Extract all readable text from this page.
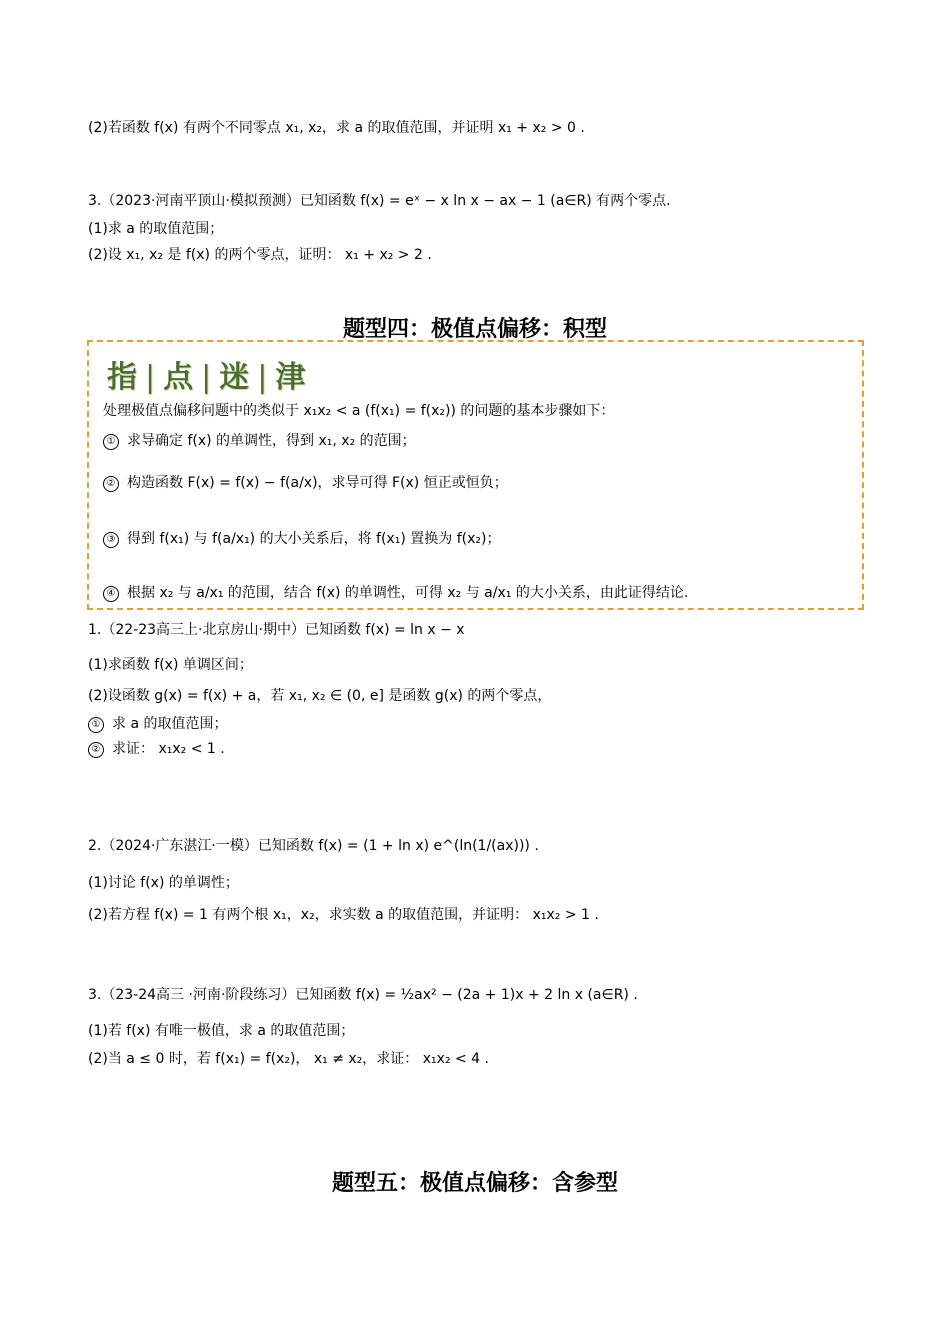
(2)若函数 f(x) 有两个不同零点 x₁, x₂，求 a 的取值范围，并证明 x₁ + x₂ > 0 .
3.（2023·河南平顶山·模拟预测）已知函数 f(x) = eˣ − x ln x − ax − 1 (a∈R) 有两个零点.
(1)求 a 的取值范围；
(2)设 x₁, x₂ 是 f(x) 的两个零点，证明： x₁ + x₂ > 2 .
题型四：极值点偏移：积型
指 | 点 | 迷 | 津
处理极值点偏移问题中的类似于 x₁x₂ < a (f(x₁) = f(x₂)) 的问题的基本步骤如下：
① 求导确定 f(x) 的单调性，得到 x₁, x₂ 的范围；
② 构造函数 F(x) = f(x) − f(a/x)，求导可得 F(x) 恒正或恒负；
③ 得到 f(x₁) 与 f(a/x₁) 的大小关系后，将 f(x₁) 置换为 f(x₂)；
④ 根据 x₂ 与 a/x₁ 的范围，结合 f(x) 的单调性，可得 x₂ 与 a/x₁ 的大小关系，由此证得结论.
1.（22-23高三上·北京房山·期中）已知函数 f(x) = ln x − x
(1)求函数 f(x) 单调区间；
(2)设函数 g(x) = f(x) + a，若 x₁, x₂ ∈ (0, e] 是函数 g(x) 的两个零点，
① 求 a 的取值范围；
② 求证： x₁x₂ < 1 .
2.（2024·广东湛江·一模）已知函数 f(x) = (1 + ln x) e^(ln(1/(ax))) .
(1)讨论 f(x) 的单调性；
(2)若方程 f(x) = 1 有两个根 x₁，x₂，求实数 a 的取值范围，并证明： x₁x₂ > 1 .
3.（23-24高三 ·河南·阶段练习）已知函数 f(x) = ½ax² − (2a + 1)x + 2 ln x (a∈R) .
(1)若 f(x) 有唯一极值，求 a 的取值范围；
(2)当 a ≤ 0 时，若 f(x₁) = f(x₂)， x₁ ≠ x₂，求证： x₁x₂ < 4 .
题型五：极值点偏移：含参型
